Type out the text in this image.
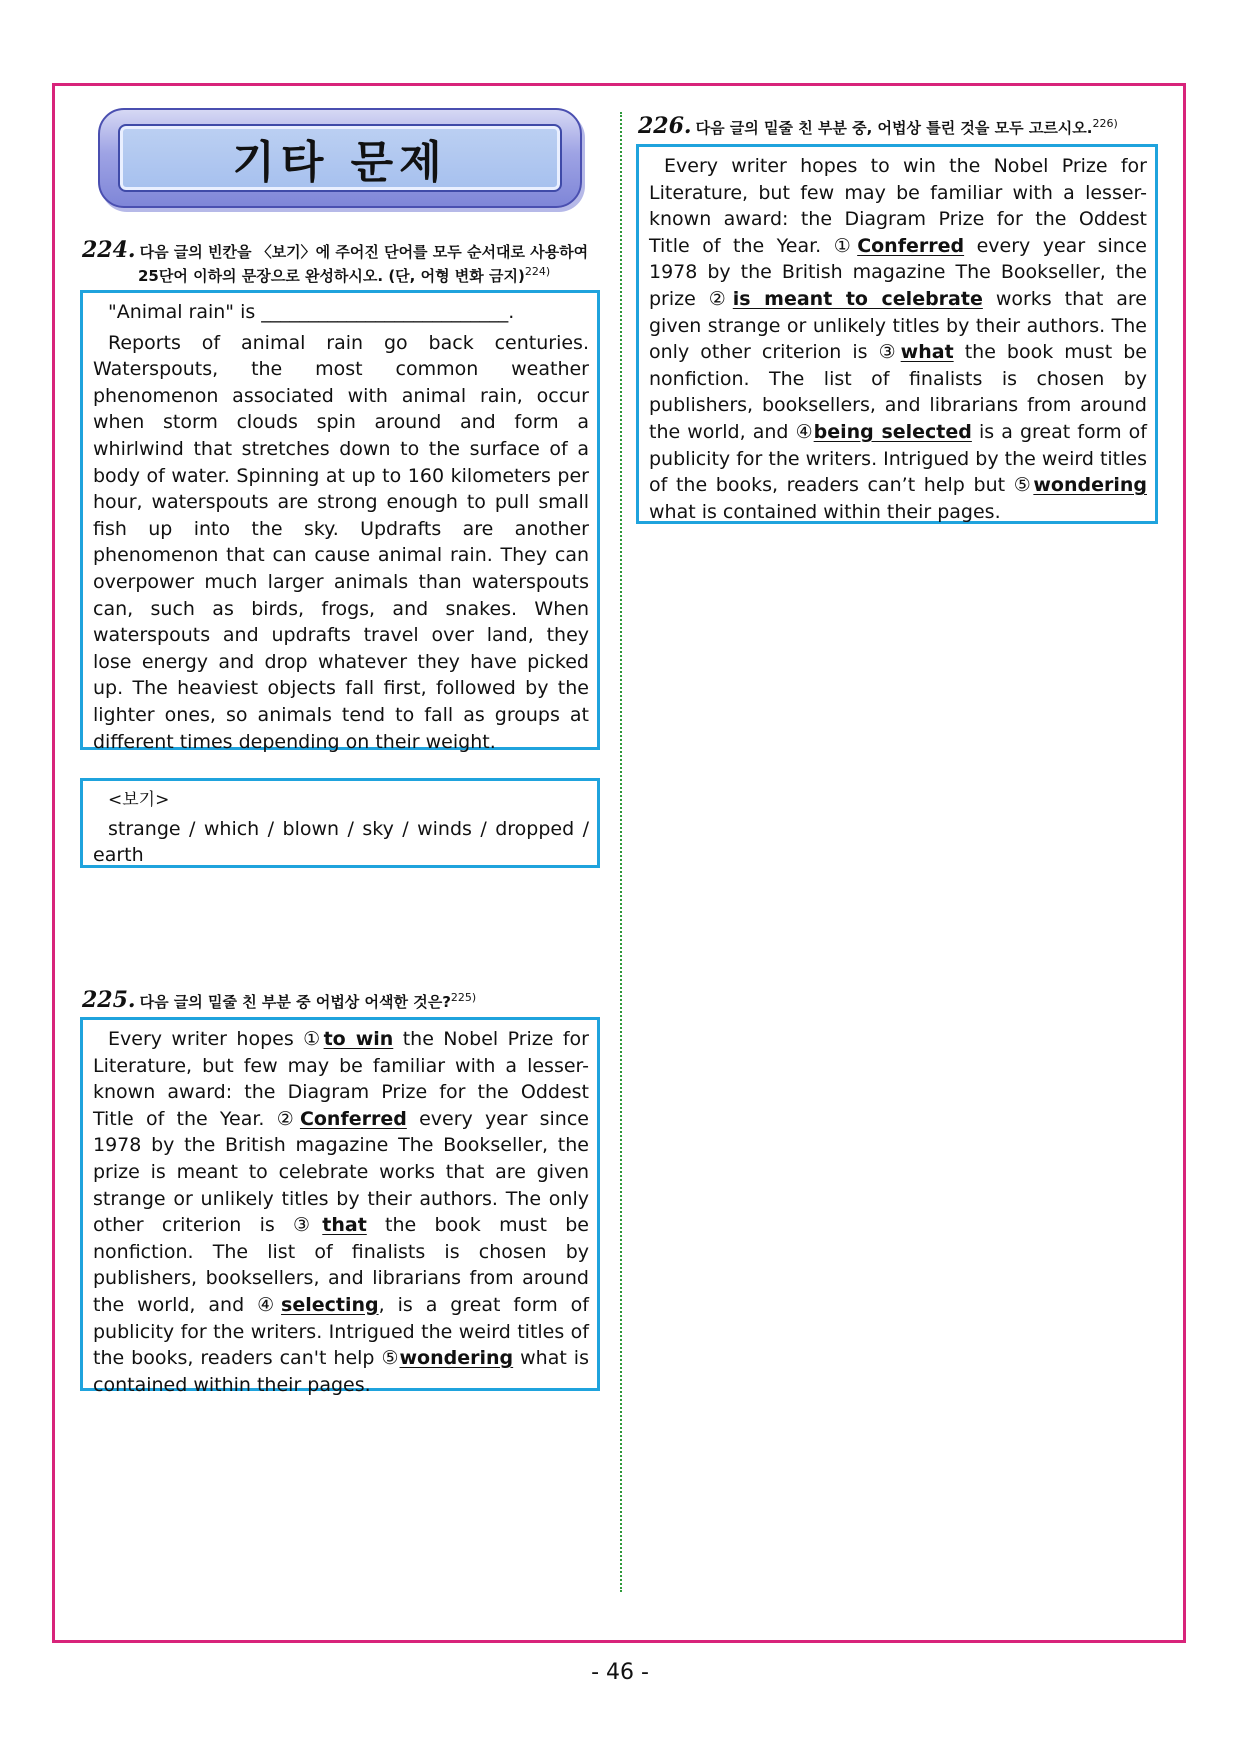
기타 문제
224. 다음 글의 빈칸을 〈보기〉에 주어진 단어를 모두 순서대로 사용하여
25단어 이하의 문장으로 완성하시오. (단, 어형 변화 금지)$^{224)}$

"Animal rain" is __________________________.

Reports of animal rain go back centuries. Waterspouts, the most common weather phenomenon associated with animal rain, occur when storm clouds spin around and form a whirlwind that stretches down to the surface of a body of water. Spinning at up to 160 kilometers per hour, waterspouts are strong enough to pull small fish up into the sky. Updrafts are another phenomenon that can cause animal rain. They can overpower much larger animals than waterspouts can, such as birds, frogs, and snakes. When waterspouts and updrafts travel over land, they lose energy and drop whatever they have picked up. The heaviest objects fall first, followed by the lighter ones, so animals tend to fall as groups at different times depending on their weight.

<보기>

strange / which / blown / sky / winds / dropped / earth

225. 다음 글의 밑줄 친 부분 중 어법상 어색한 것은?$^{225)}$

Every writer hopes ①to win the Nobel Prize for Literature, but few may be familiar with a lesser-known award: the Diagram Prize for the Oddest Title of the Year. ②Conferred every year since 1978 by the British magazine The Bookseller, the prize is meant to celebrate works that are given strange or unlikely titles by their authors. The only other criterion is ③that the book must be nonfiction. The list of finalists is chosen by publishers, booksellers, and librarians from around the world, and ④selecting, is a great form of publicity for the writers. Intrigued the weird titles of the books, readers can't help ⑤wondering what is contained within their pages.

226. 다음 글의 밑줄 친 부분 중, 어법상 틀린 것을 모두 고르시오.$^{226)}$

Every writer hopes to win the Nobel Prize for Literature, but few may be familiar with a lesser-known award: the Diagram Prize for the Oddest Title of the Year. ①Conferred every year since 1978 by the British magazine The Bookseller, the prize ②is meant to celebrate works that are given strange or unlikely titles by their authors. The only other criterion is ③what the book must be nonfiction. The list of finalists is chosen by publishers, booksellers, and librarians from around the world, and ④being selected is a great form of publicity for the writers. Intrigued by the weird titles of the books, readers can’t help but ⑤wondering what is contained within their pages.

- 46 -
